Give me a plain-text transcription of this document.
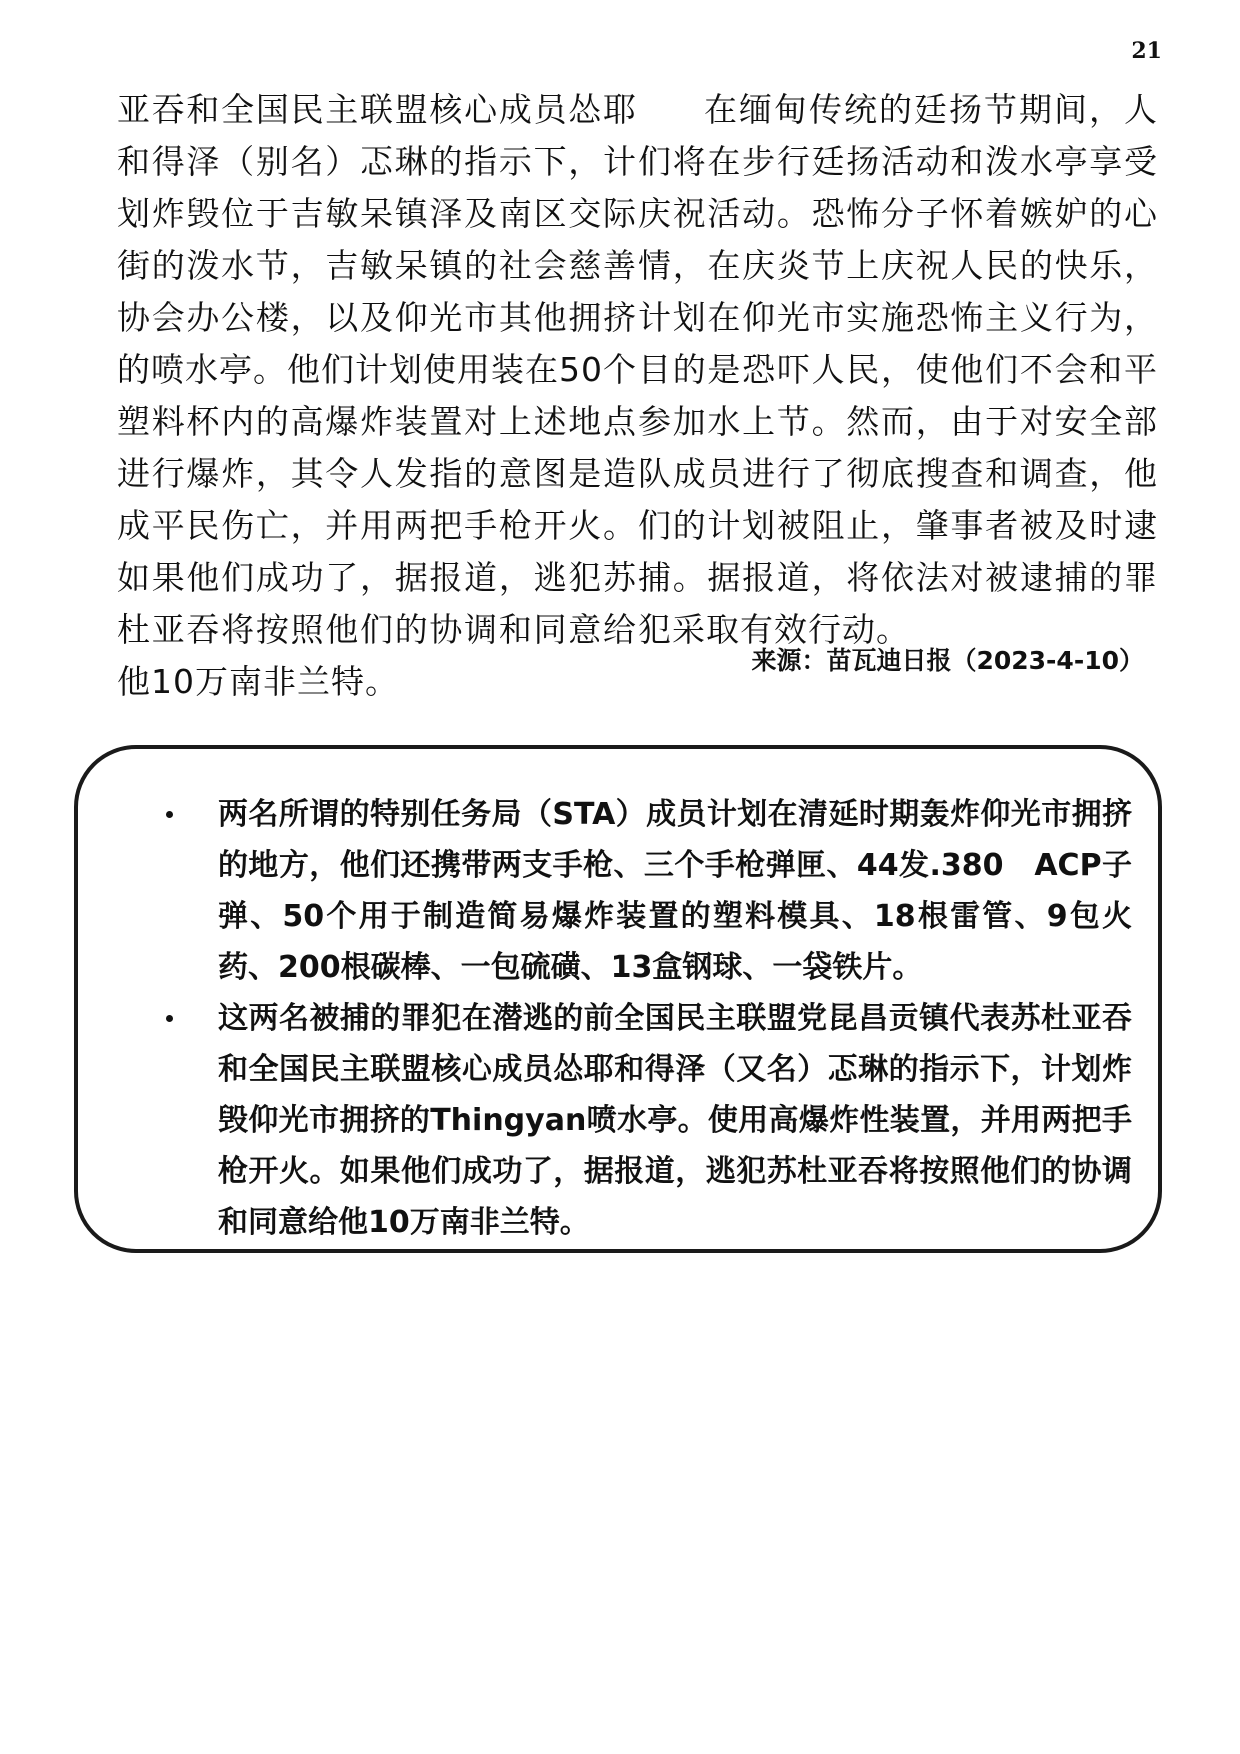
21

亚吞和全国民主联盟核心成员怂耶和得泽（别名）忑琳的指示下，计划炸毁位于吉敏呆镇泽及南区交际街的泼水节，吉敏呆镇的社会慈善协会办公楼，以及仰光市其他拥挤的喷水亭。他们计划使用装在50个塑料杯内的高爆炸装置对上述地点进行爆炸，其令人发指的意图是造成平民伤亡，并用两把手枪开火。如果他们成功了，据报道，逃犯苏杜亚吞将按照他们的协调和同意给他10万南非兰特。

在缅甸传统的廷扬节期间，人们将在步行廷扬活动和泼水亭享受庆祝活动。恐怖分子怀着嫉妒的心情，在庆炎节上庆祝人民的快乐，计划在仰光市实施恐怖主义行为，目的是恐吓人民，使他们不会和平参加水上节。然而，由于对安全部队成员进行了彻底搜查和调查，他们的计划被阻止，肇事者被及时逮捕。据报道，将依法对被逮捕的罪犯采取有效行动。

来源：苗瓦迪日报（2023-4-10）
两名所谓的特别任务局（STA）成员计划在清延时期轰炸仰光市拥挤的地方，他们还携带两支手枪、三个手枪弹匣、44发.380　ACP子弹、50个用于制造简易爆炸装置的塑料模具、18根雷管、9包火药、200根碳棒、一包硫磺、13盒钢球、一袋铁片。
这两名被捕的罪犯在潜逃的前全国民主联盟党昆昌贡镇代表苏杜亚吞和全国民主联盟核心成员怂耶和得泽（又名）忑琳的指示下，计划炸毁仰光市拥挤的Thingyan喷水亭。使用高爆炸性装置，并用两把手枪开火。如果他们成功了，据报道，逃犯苏杜亚吞将按照他们的协调和同意给他10万南非兰特。
